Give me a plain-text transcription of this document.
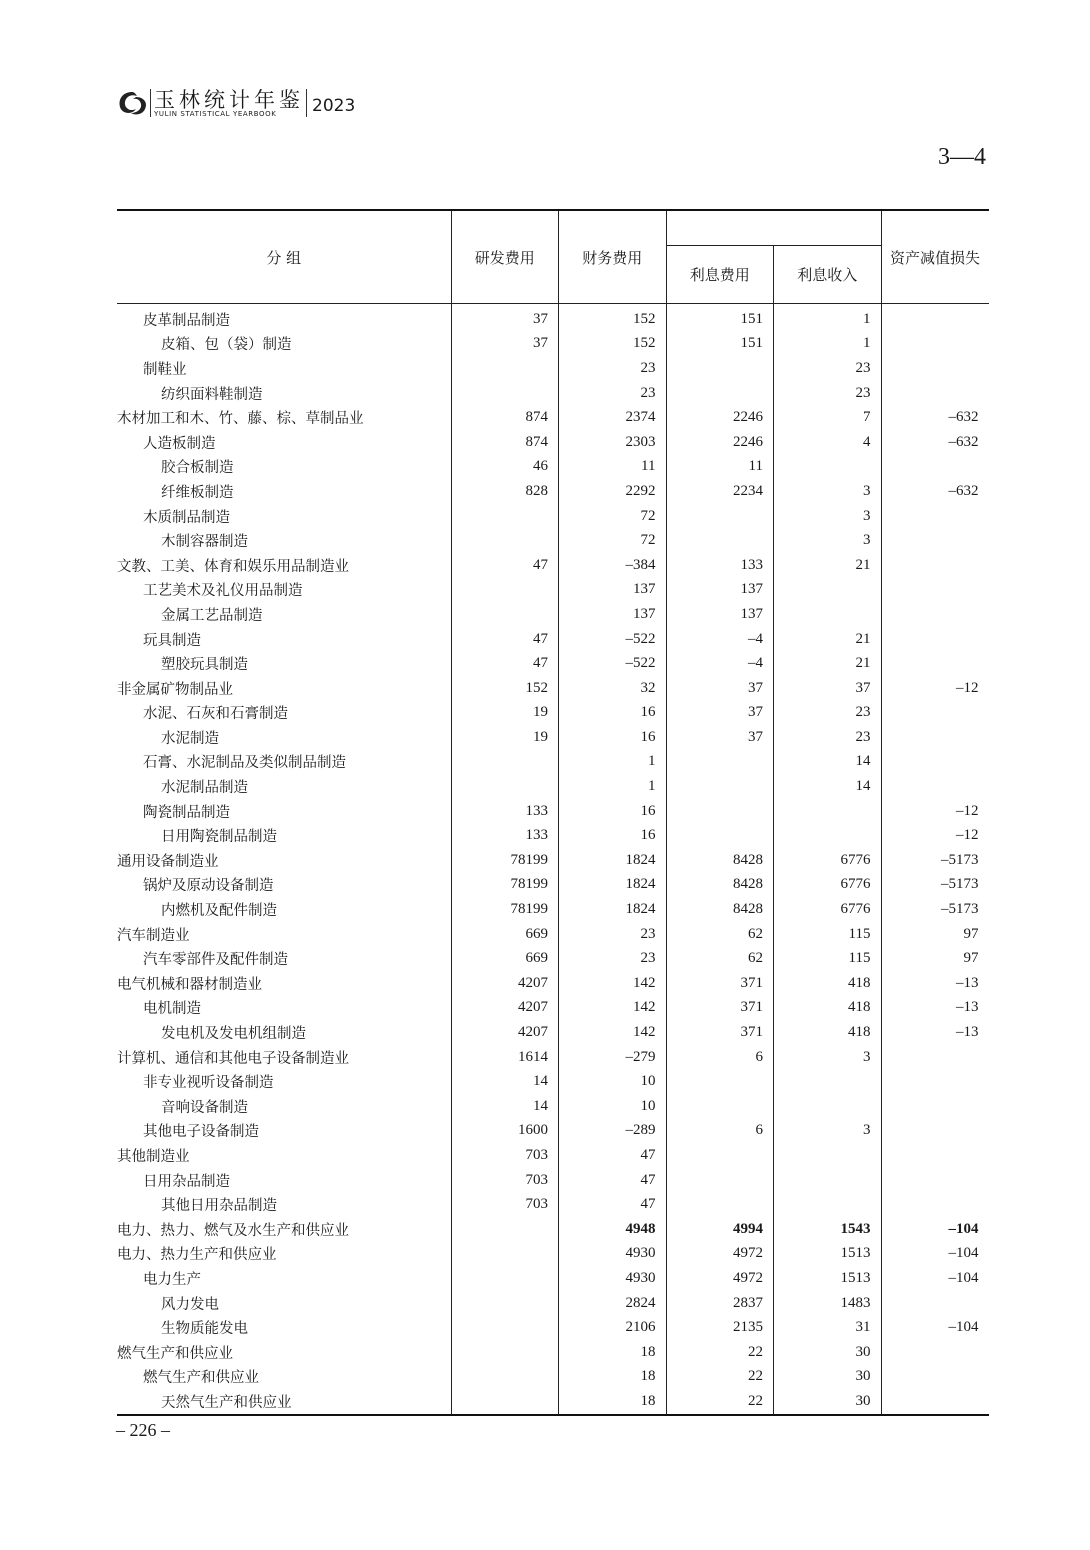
玉林统计年鉴
YULIN STATISTICAL YEARBOOK 2023
3—4
分 组	研发费用	财务费用			资产减值损失
			利息费用	利息收入	
皮革制品制造	37	152	151	1	
皮箱、包（袋）制造	37	152	151	1	
制鞋业		23		23	
纺织面料鞋制造		23		23	
木材加工和木、竹、藤、棕、草制品业	874	2374	2246	7	–632
人造板制造	874	2303	2246	4	–632
胶合板制造	46	11	11		
纤维板制造	828	2292	2234	3	–632
木质制品制造		72		3	
木制容器制造		72		3	
文教、工美、体育和娱乐用品制造业	47	–384	133	21	
工艺美术及礼仪用品制造		137	137		
金属工艺品制造		137	137		
玩具制造	47	–522	–4	21	
塑胶玩具制造	47	–522	–4	21	
非金属矿物制品业	152	32	37	37	–12
水泥、石灰和石膏制造	19	16	37	23	
水泥制造	19	16	37	23	
石膏、水泥制品及类似制品制造		1		14	
水泥制品制造		1		14	
陶瓷制品制造	133	16			–12
日用陶瓷制品制造	133	16			–12
通用设备制造业	78199	1824	8428	6776	–5173
锅炉及原动设备制造	78199	1824	8428	6776	–5173
内燃机及配件制造	78199	1824	8428	6776	–5173
汽车制造业	669	23	62	115	97
汽车零部件及配件制造	669	23	62	115	97
电气机械和器材制造业	4207	142	371	418	–13
电机制造	4207	142	371	418	–13
发电机及发电机组制造	4207	142	371	418	–13
计算机、通信和其他电子设备制造业	1614	–279	6	3	
非专业视听设备制造	14	10			
音响设备制造	14	10			
其他电子设备制造	1600	–289	6	3	
其他制造业	703	47			
日用杂品制造	703	47			
其他日用杂品制造	703	47			
电力、热力、燃气及水生产和供应业		4948	4994	1543	–104
电力、热力生产和供应业		4930	4972	1513	–104
电力生产		4930	4972	1513	–104
风力发电		2824	2837	1483	
生物质能发电		2106	2135	31	–104
燃气生产和供应业		18	22	30	
燃气生产和供应业		18	22	30	
天然气生产和供应业		18	22	30	
– 226 –
